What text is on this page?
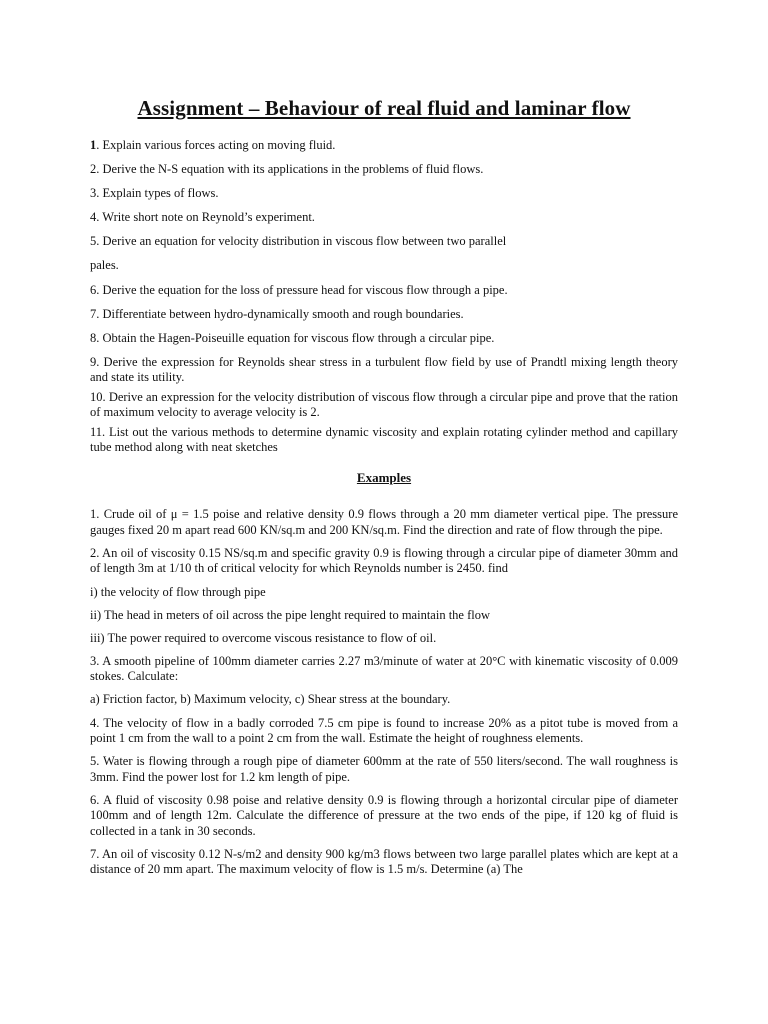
Assignment – Behaviour of real fluid and laminar flow

1. Explain various forces acting on moving fluid.

2. Derive the N-S equation with its applications in the problems of fluid flows.

3. Explain types of flows.

4. Write short note on Reynold’s experiment.

5. Derive an equation for velocity distribution in viscous flow between two parallel

pales.

6. Derive the equation for the loss of pressure head for viscous flow through a pipe.

7. Differentiate between hydro-dynamically smooth and rough boundaries.

8. Obtain the Hagen-Poiseuille equation for viscous flow through a circular pipe.

9. Derive the expression for Reynolds shear stress in a turbulent flow field by use of Prandtl mixing length theory and state its utility.

10. Derive an expression for the velocity distribution of viscous flow through a circular pipe and prove that the ration of maximum velocity to average velocity is 2.

11. List out the various methods to determine dynamic viscosity and explain rotating cylinder method and capillary tube method along with neat sketches

Examples

1. Crude oil of μ = 1.5 poise and relative density 0.9 flows through a 20 mm diameter vertical pipe. The pressure gauges fixed 20 m apart read 600 KN/sq.m and 200 KN/sq.m. Find the direction and rate of flow through the pipe.

2. An oil of viscosity 0.15 NS/sq.m and specific gravity 0.9 is flowing through a circular pipe of diameter 30mm and of length 3m at 1/10 th of critical velocity for which Reynolds number is 2450. find

i) the velocity of flow through pipe

ii) The head in meters of oil across the pipe lenght required to maintain the flow

iii) The power required to overcome viscous resistance to flow of oil.

3. A smooth pipeline of 100mm diameter carries 2.27 m3/minute of water at 20°C with kinematic viscosity of 0.009 stokes. Calculate:

a) Friction factor, b) Maximum velocity, c) Shear stress at the boundary.

4. The velocity of flow in a badly corroded 7.5 cm pipe is found to increase 20% as a pitot tube is moved from a point 1 cm from the wall to a point 2 cm from the wall. Estimate the height of roughness elements.

5. Water is flowing through a rough pipe of diameter 600mm at the rate of 550 liters/second. The wall roughness is 3mm. Find the power lost for 1.2 km length of pipe.

6. A fluid of viscosity 0.98 poise and relative density 0.9 is flowing through a horizontal circular pipe of diameter 100mm and of length 12m. Calculate the difference of pressure at the two ends of the pipe, if 120 kg of fluid is collected in a tank in 30 seconds.

7. An oil of viscosity 0.12 N-s/m2 and density 900 kg/m3 flows between two large parallel plates which are kept at a distance of 20 mm apart. The maximum velocity of flow is 1.5 m/s. Determine (a) The
